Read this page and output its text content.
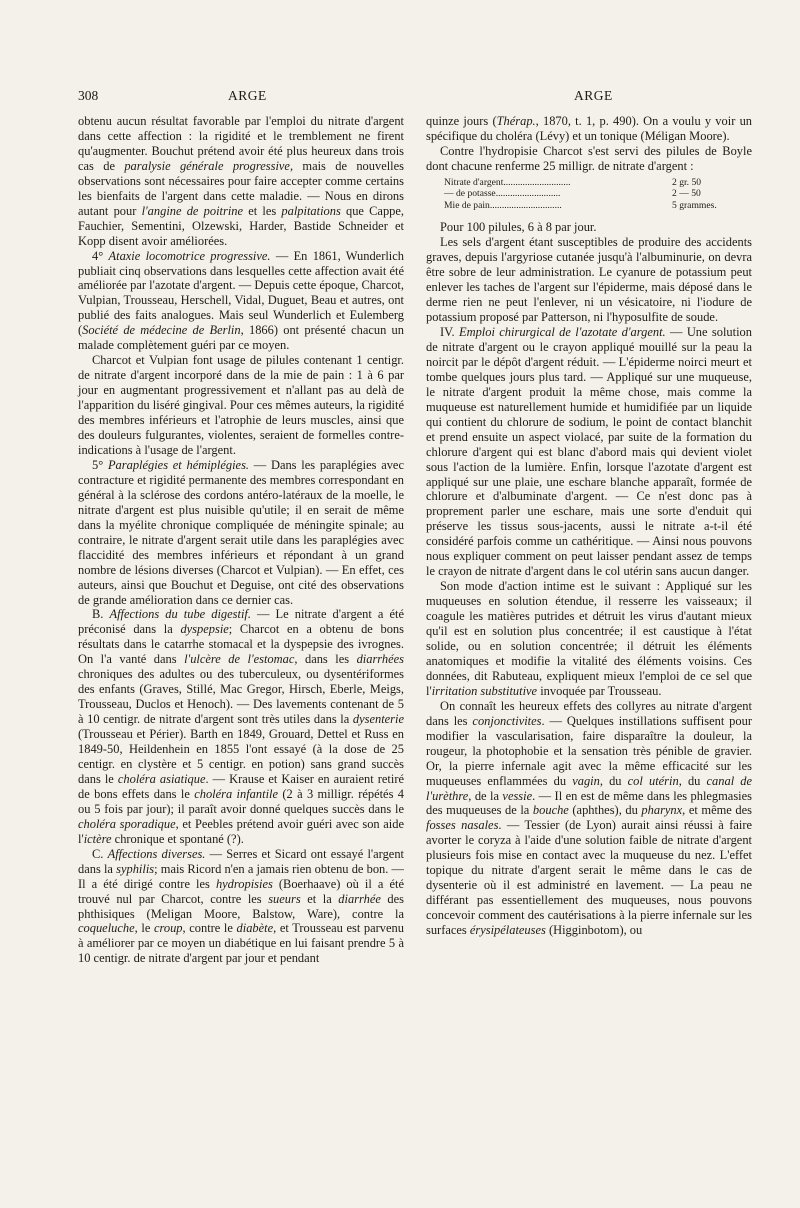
308	ARGE	ARGE

obtenu aucun résultat favorable par l'emploi du nitrate d'argent dans cette affection : la rigidité et le tremblement ne firent qu'augmenter. Bouchut prétend avoir été plus heureux dans trois cas de paralysie générale progressive, mais de nouvelles observations sont nécessaires pour faire accepter comme certains les bienfaits de l'argent dans cette maladie. — Nous en dirons autant pour l'angine de poitrine et les palpitations que Cappe, Fauchier, Sementini, Olzewski, Harder, Bastide Schneider et Kopp disent avoir améliorées.

4° Ataxie locomotrice progressive. — En 1861, Wunderlich publiait cinq observations dans lesquelles cette affection avait été améliorée par l'azotate d'argent. — Depuis cette époque, Charcot, Vulpian, Trousseau, Herschell, Vidal, Duguet, Beau et autres, ont publié des faits analogues. Mais seul Wunderlich et Eulemberg (Société de médecine de Berlin, 1866) ont présenté chacun un malade complètement guéri par ce moyen.

Charcot et Vulpian font usage de pilules contenant 1 centigr. de nitrate d'argent incorporé dans de la mie de pain : 1 à 6 par jour en augmentant progressivement et n'allant pas au delà de l'apparition du liséré gingival. Pour ces mêmes auteurs, la rigidité des membres inférieurs et l'atrophie de leurs muscles, ainsi que des douleurs fulgurantes, violentes, seraient de formelles contre-indications à l'usage de l'argent.

5° Paraplégies et hémiplégies. — Dans les paraplégies avec contracture et rigidité permanente des membres correspondant en général à la sclérose des cordons antéro-latéraux de la moelle, le nitrate d'argent est plus nuisible qu'utile; il en serait de même dans la myélite chronique compliquée de méningite spinale; au contraire, le nitrate d'argent serait utile dans les paraplégies avec flaccidité des membres inférieurs et répondant à un grand nombre de lésions diverses (Charcot et Vulpian). — En effet, ces auteurs, ainsi que Bouchut et Deguise, ont cité des observations de grande amélioration dans ce dernier cas.

B. Affections du tube digestif. — Le nitrate d'argent a été préconisé dans la dyspepsie; Charcot en a obtenu de bons résultats dans le catarrhe stomacal et la dyspepsie des ivrognes. On l'a vanté dans l'ulcère de l'estomac, dans les diarrhées chroniques des adultes ou des tuberculeux, ou dysentériformes des enfants (Graves, Stillé, Mac Gregor, Hirsch, Eberle, Meigs, Trousseau, Duclos et Henoch). — Des lavements contenant de 5 à 10 centigr. de nitrate d'argent sont très utiles dans la dysenterie (Trousseau et Périer). Barth en 1849, Grouard, Dettel et Russ en 1849-50, Heildenhein en 1855 l'ont essayé (à la dose de 25 centigr. en clystère et 5 centigr. en potion) sans grand succès dans le choléra asiatique. — Krause et Kaiser en auraient retiré de bons effets dans le choléra infantile (2 à 3 milligr. répétés 4 ou 5 fois par jour); il paraît avoir donné quelques succès dans le choléra sporadique, et Peebles prétend avoir guéri avec son aide l'ictère chronique et spontané (?).

C. Affections diverses. — Serres et Sicard ont essayé l'argent dans la syphilis; mais Ricord n'en a jamais rien obtenu de bon. — Il a été dirigé contre les hydropisies (Boerhaave) où il a été trouvé nul par Charcot, contre les sueurs et la diarrhée des phthisiques (Meligan Moore, Balstow, Ware), contre la coqueluche, le croup, contre le diabète, et Trousseau est parvenu à améliorer par ce moyen un diabétique en lui faisant prendre 5 à 10 centigr. de nitrate d'argent par jour et pendant

quinze jours (Thérap., 1870, t. 1, p. 490). On a voulu y voir un spécifique du choléra (Lévy) et un tonique (Méligan Moore).

Contre l'hydropisie Charcot s'est servi des pilules de Boyle dont chacune renferme 25 milligr. de nitrate d'argent :

Nitrate d'argent............................	2 gr. 50
— de potasse...........................	2 — 50
Mie de pain..............................	5 grammes.

Pour 100 pilules, 6 à 8 par jour.

Les sels d'argent étant susceptibles de produire des accidents graves, depuis l'argyriose cutanée jusqu'à l'albuminurie, on devra être sobre de leur administration. Le cyanure de potassium peut enlever les taches de l'argent sur l'épiderme, mais déposé dans le derme rien ne peut l'enlever, ni un vésicatoire, ni l'iodure de potassium proposé par Patterson, ni l'hyposulfite de soude.

IV. Emploi chirurgical de l'azotate d'argent. — Une solution de nitrate d'argent ou le crayon appliqué mouillé sur la peau la noircit par le dépôt d'argent réduit. — L'épiderme noirci meurt et tombe quelques jours plus tard. — Appliqué sur une muqueuse, le nitrate d'argent produit la même chose, mais comme la muqueuse est naturellement humide et humidifiée par un liquide qui contient du chlorure de sodium, le point de contact blanchit et prend ensuite un aspect violacé, par suite de la formation du chlorure d'argent qui est blanc d'abord mais qui devient violet sous l'action de la lumière. Enfin, lorsque l'azotate d'argent est appliqué sur une plaie, une eschare blanche apparaît, formée de chlorure et d'albuminate d'argent. — Ce n'est donc pas à proprement parler une eschare, mais une sorte d'enduit qui préserve les tissus sous-jacents, aussi le nitrate a-t-il été considéré parfois comme un cathéritique. — Ainsi nous pouvons nous expliquer comment on peut laisser pendant assez de temps le crayon de nitrate d'argent dans le col utérin sans aucun danger.

Son mode d'action intime est le suivant : Appliqué sur les muqueuses en solution étendue, il resserre les vaisseaux; il coagule les matières putrides et détruit les virus d'autant mieux qu'il est en solution plus concentrée; il est caustique à l'état solide, ou en solution concentrée; il détruit les éléments anatomiques et modifie la vitalité des éléments voisins. Ces données, dit Rabuteau, expliquent mieux l'emploi de ce sel que l'irritation substitutive invoquée par Trousseau.

On connaît les heureux effets des collyres au nitrate d'argent dans les conjonctivites. — Quelques instillations suffisent pour modifier la vascularisation, faire disparaître la douleur, la rougeur, la photophobie et la sensation très pénible de gravier. Or, la pierre infernale agit avec la même efficacité sur les muqueuses enflammées du vagin, du col utérin, du canal de l'urèthre, de la vessie. — Il en est de même dans les phlegmasies des muqueuses de la bouche (aphthes), du pharynx, et même des fosses nasales. — Tessier (de Lyon) aurait ainsi réussi à faire avorter le coryza à l'aide d'une solution faible de nitrate d'argent plusieurs fois mise en contact avec la muqueuse du nez. L'effet topique du nitrate d'argent serait le même dans le cas de dysenterie où il est administré en lavement. — La peau ne différant pas essentiellement des muqueuses, nous pouvons concevoir comment des cautérisations à la pierre infernale sur les surfaces érysipélateuses (Higginbotom), ou
